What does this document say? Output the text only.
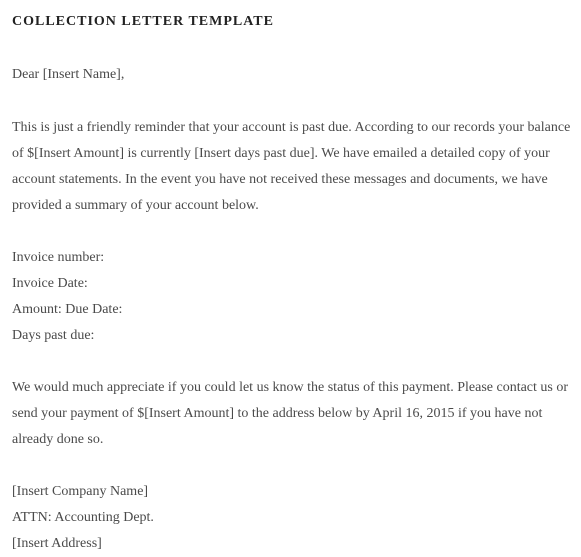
COLLECTION LETTER TEMPLATE
Dear [Insert Name],
This is just a friendly reminder that your account is past due. According to our records your balance
of $[Insert Amount] is currently [Insert days past due]. We have emailed a detailed copy of your
account statements. In the event you have not received these messages and documents, we have
provided a summary of your account below.
Invoice number:
Invoice Date:
Amount: Due Date:
Days past due:
We would much appreciate if you could let us know the status of this payment. Please contact us or
send your payment of $[Insert Amount] to the address below by April 16, 2015 if you have not
already done so.
[Insert Company Name]
ATTN: Accounting Dept.
[Insert Address]
